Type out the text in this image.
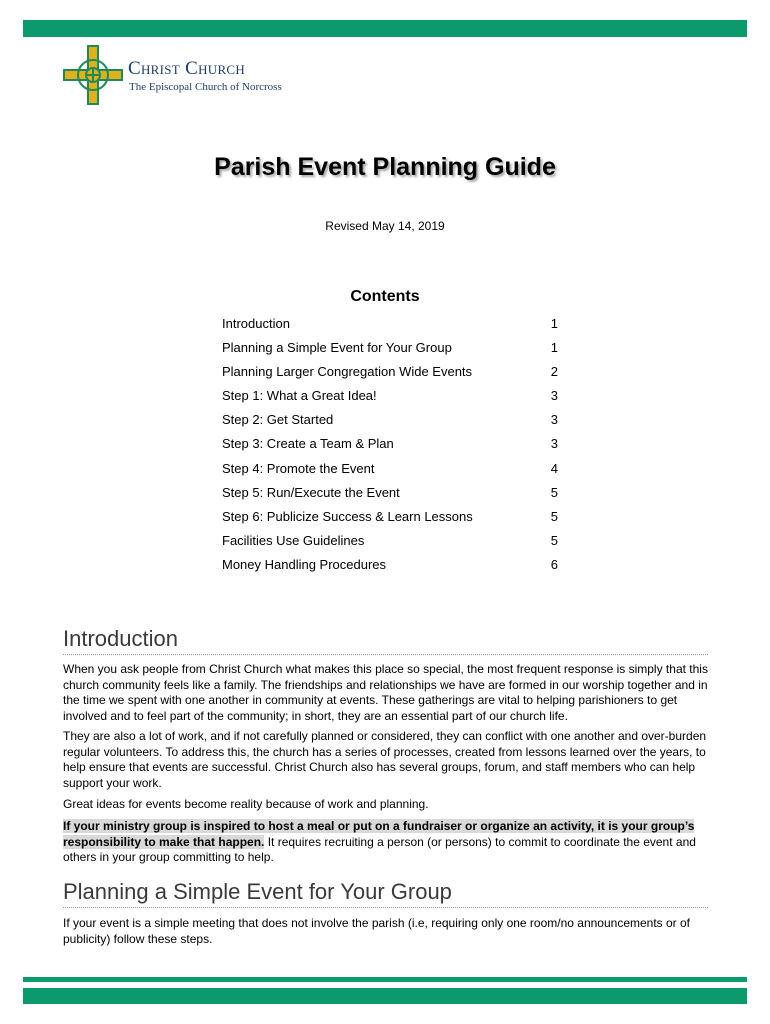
Christ Church
The Episcopal Church of Norcross
Parish Event Planning Guide
Revised May 14, 2019
Contents
Introduction	1
Planning a Simple Event for Your Group	1
Planning Larger Congregation Wide Events	2
Step 1: What a Great Idea!	3
Step 2: Get Started	3
Step 3: Create a Team & Plan	3
Step 4: Promote the Event	4
Step 5: Run/Execute the Event	5
Step 6: Publicize Success & Learn Lessons	5
Facilities Use Guidelines	5
Money Handling Procedures	6
Introduction

When you ask people from Christ Church what makes this place so special, the most frequent response is simply that this church community feels like a family. The friendships and relationships we have are formed in our worship together and in the time we spent with one another in community at events. These gatherings are vital to helping parishioners to get involved and to feel part of the community; in short, they are an essential part of our church life.

They are also a lot of work, and if not carefully planned or considered, they can conflict with one another and over-burden regular volunteers. To address this, the church has a series of processes, created from lessons learned over the years, to help ensure that events are successful. Christ Church also has several groups, forum, and staff members who can help support your work.

Great ideas for events become reality because of work and planning.

If your ministry group is inspired to host a meal or put on a fundraiser or organize an activity, it is your group’s responsibility to make that happen. It requires recruiting a person (or persons) to commit to coordinate the event and others in your group committing to help.

Planning a Simple Event for Your Group

If your event is a simple meeting that does not involve the parish (i.e, requiring only one room/no announcements or of publicity) follow these steps.
